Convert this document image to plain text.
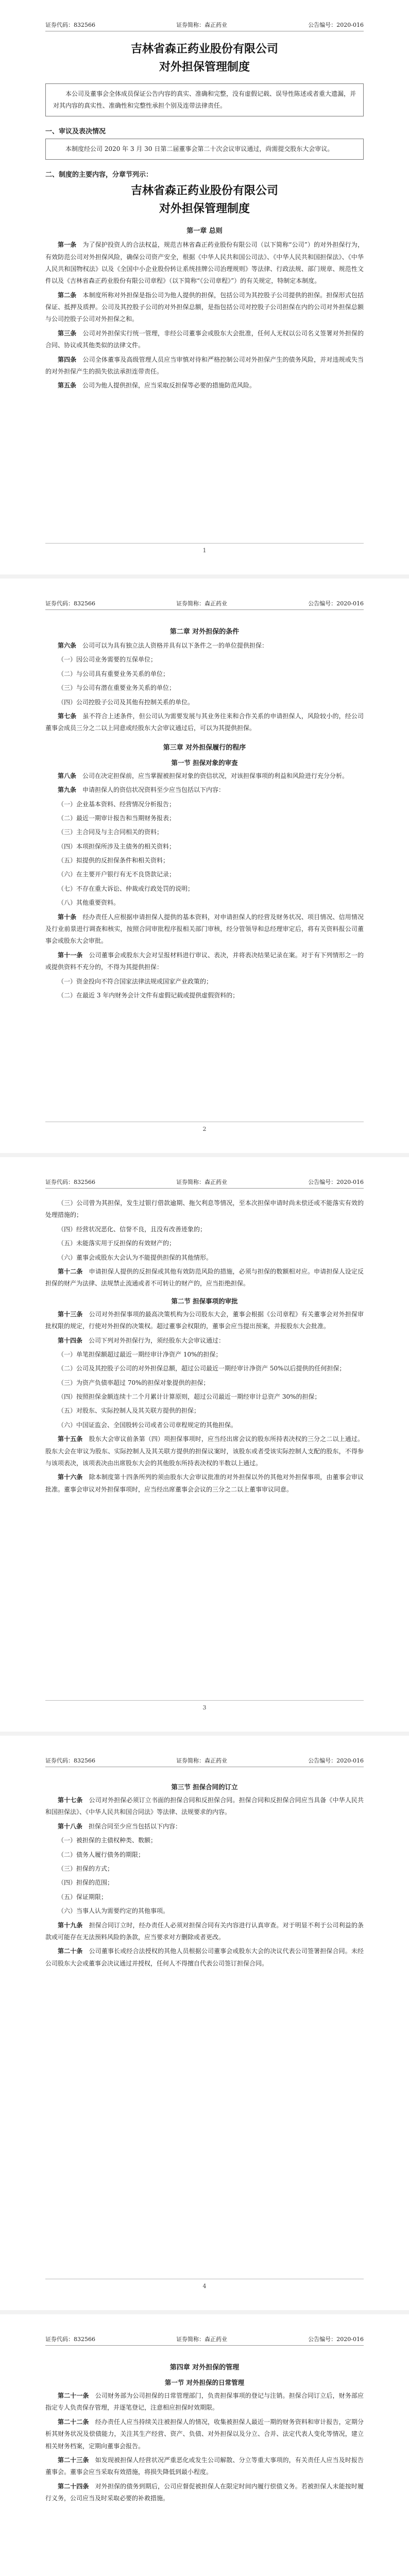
证券代码：832566	证券简称：森正药业	公告编号：2020-016
1
吉林省森正药业股份有限公司
对外担保管理制度
本公司及董事会全体成员保证公告内容的真实、准确和完整，没有虚假记载、误导性陈述或者重大遗漏，并对其内容的真实性、准确性和完整性承担个别及连带法律责任。
一、审议及表决情况
本制度经公司 2020 年 3 月 30 日第二届董事会第二十次会议审议通过，尚需提交股东大会审议。
二、制度的主要内容，分章节列示：
吉林省森正药业股份有限公司
对外担保管理制度
第一章 总则

第一条　 为了保护投资人的合法权益，规范吉林省森正药业股份有限公司（以下简称“公司”）的对外担保行为，有效防范公司对外担保风险，确保公司资产安全，根据《中华人民共和国公司法》、《中华人民共和国担保法》、《中华人民共和国物权法》以及《全国中小企业股份转让系统挂牌公司治理规则》等法律、行政法规、部门规章、规范性文件以及《吉林省森正药业股份有限公司章程》（以下简称“《公司章程》”）的有关规定，特制定本制度。

第二条　 本制度所称对外担保是指公司为他人提供的担保，包括公司为其控股子公司提供的担保。担保形式包括保证、抵押及质押。公司及其控股子公司的对外担保总额，是指包括公司对控股子公司担保在内的公司对外担保总额与公司控股子公司对外担保之和。

第三条　 公司对外担保实行统一管理，非经公司董事会或股东大会批准，任何人无权以公司名义签署对外担保的合同、协议或其他类似的法律文件。

第四条　 公司全体董事及高级管理人员应当审慎对待和严格控制公司对外担保产生的债务风险，并对违规或失当的对外担保产生的损失依法承担连带责任。

第五条　 公司为他人提供担保，应当采取反担保等必要的措施防范风险。

证券代码：832566	证券简称：森正药业	公告编号：2020-016
2
第二章 对外担保的条件

第六条　 公司可以为具有独立法人资格并具有以下条件之一的单位提供担保：

（一）因公司业务需要的互保单位；

（二）与公司具有重要业务关系的单位；

（三）与公司有潜在重要业务关系的单位；

（四）公司控股子公司及其他有控制关系的单位。

第七条　 虽不符合上述条件，但公司认为需要发展与其业务往来和合作关系的申请担保人，风险较小的，经公司董事会成员三分之二以上同意或经股东大会审议通过后，可以为其提供担保。

第三章 对外担保履行的程序
第一节 担保对象的审查

第八条　 公司在决定担保前，应当掌握被担保对象的资信状况，对该担保事项的利益和风险进行充分分析。

第九条　 申请担保人的资信状况资料至少应当包括以下内容：

（一）企业基本资料、经营情况分析报告；

（二）最近一期审计报告和当期财务报表；

（三）主合同及与主合同相关的资料；

（四）本项担保所涉及主债务的相关资料；

（五）拟提供的反担保条件和相关资料；

（六）在主要开户银行有无不良贷款记录；

（七）不存在重大诉讼、仲裁或行政处罚的说明；

（八）其他重要资料。

第十条　 经办责任人应根据申请担保人提供的基本资料，对申请担保人的经营及财务状况、项目情况、信用情况及行业前景进行调查和核实，按照合同审批程序报相关部门审核，经分管领导和总经理审定后，将有关资料报公司董事会或股东大会审批。

第十一条　 公司董事会或股东大会对呈报材料进行审议、表决，并将表决结果记录在案。对于有下列情形之一的或提供资料不充分的，不得为其提供担保：

（一）资金投向不符合国家法律法规或国家产业政策的；

（二）在最近 3 年内财务会计文件有虚假记载或提供虚假资料的；

证券代码：832566	证券简称：森正药业	公告编号：2020-016
3

（三）公司曾为其担保，发生过银行借款逾期、拖欠利息等情况，至本次担保申请时尚未偿还或不能落实有效的处理措施的；

（四）经营状况恶化、信誉不良，且没有改善迹象的；

（五）未能落实用于反担保的有效财产的；

（六）董事会或股东大会认为不能提供担保的其他情形。

第十二条　 申请担保人提供的反担保或其他有效防范风险的措施，必须与担保的数额相对应。申请担保人设定反担保的财产为法律、法规禁止流通或者不可转让的财产的，应当拒绝担保。

第二节 担保事项的审批

第十三条　 公司对外担保事项的最高决策机构为公司股东大会，董事会根据《公司章程》有关董事会对外担保审批权限的规定，行使对外担保的决策权。超过董事会权限的，董事会应当提出预案，并报股东大会批准。

第十四条　 公司下列对外担保行为，须经股东大会审议通过：

（一）单笔担保额超过最近一期经审计净资产 10%的担保；

（二）公司及其控股子公司的对外担保总额，超过公司最近一期经审计净资产 50%以后提供的任何担保；

（三）为资产负债率超过 70%的担保对象提供的担保；

（四）按照担保金额连续十二个月累计计算原则，超过公司最近一期经审计总资产 30%的担保；

（五）对股东、实际控制人及其关联方提供的担保；

（六）中国证监会、全国股转公司或者公司章程规定的其他担保。

第十五条　 股东大会审议前条第（四）项担保事项时，应当经出席会议的股东所持表决权的三分之二以上通过。股东大会在审议为股东、实际控制人及其关联方提供的担保议案时，该股东或者受该实际控制人支配的股东，不得参与该项表决，该项表决由出席股东大会的其他股东所持表决权的半数以上通过。

第十六条　 除本制度第十四条所列的须由股东大会审议批准的对外担保以外的其他对外担保事项，由董事会审议批准。董事会审议对外担保事项时，应当经出席董事会会议的三分之二以上董事审议同意。

证券代码：832566	证券简称：森正药业	公告编号：2020-016
4
第三节 担保合同的订立

第十七条　 公司对外担保必须订立书面的担保合同和反担保合同。担保合同和反担保合同应当具备《中华人民共和国担保法》、《中华人民共和国合同法》等法律、法规要求的内容。

第十八条　 担保合同至少应当包括以下内容：

（一）被担保的主债权种类、数额；

（二）债务人履行债务的期限；

（三）担保的方式；

（四）担保的范围；

（五）保证期限；

（六）当事人认为需要约定的其他事项。

第十九条　 担保合同订立时，经办责任人必须对担保合同有关内容进行认真审查。对于明显不利于公司利益的条款或可能存在无法预料风险的条款，应当要求对方删除或者更改。

第二十条　 公司董事长或经合法授权的其他人员根据公司董事会或股东大会的决议代表公司签署担保合同。未经公司股东大会或董事会决议通过并授权，任何人不得擅自代表公司签订担保合同。

证券代码：832566	证券简称：森正药业	公告编号：2020-016
第四章 对外担保的管理
第一节 对外担保的日常管理

第二十一条　 公司财务部为公司担保的日常管理部门，负责担保事项的登记与注销。担保合同订立后，财务部应指定专人负责保存管理，并逐笔登记，注意相应担保时效期限。

第二十二条　 经办责任人应当持续关注被担保人的情况，收集被担保人最近一期的财务资料和审计报告，定期分析其财务状况及偿债能力，关注其生产经营、资产、负债、对外担保以及分立、合并、法定代表人变化等情况，建立相关财务档案，定期向董事会报告。

第二十三条　 如发现被担保人经营状况严重恶化或发生公司解散、分立等重大事项的，有关责任人应当及时报告董事会。董事会应当采取有效措施，将损失降低到最小程度。

第二十四条　 对外担保的债务到期后，公司应督促被担保人在限定时间内履行偿债义务。若被担保人未能按时履行义务，公司应当及时采取必要的补救措施。
